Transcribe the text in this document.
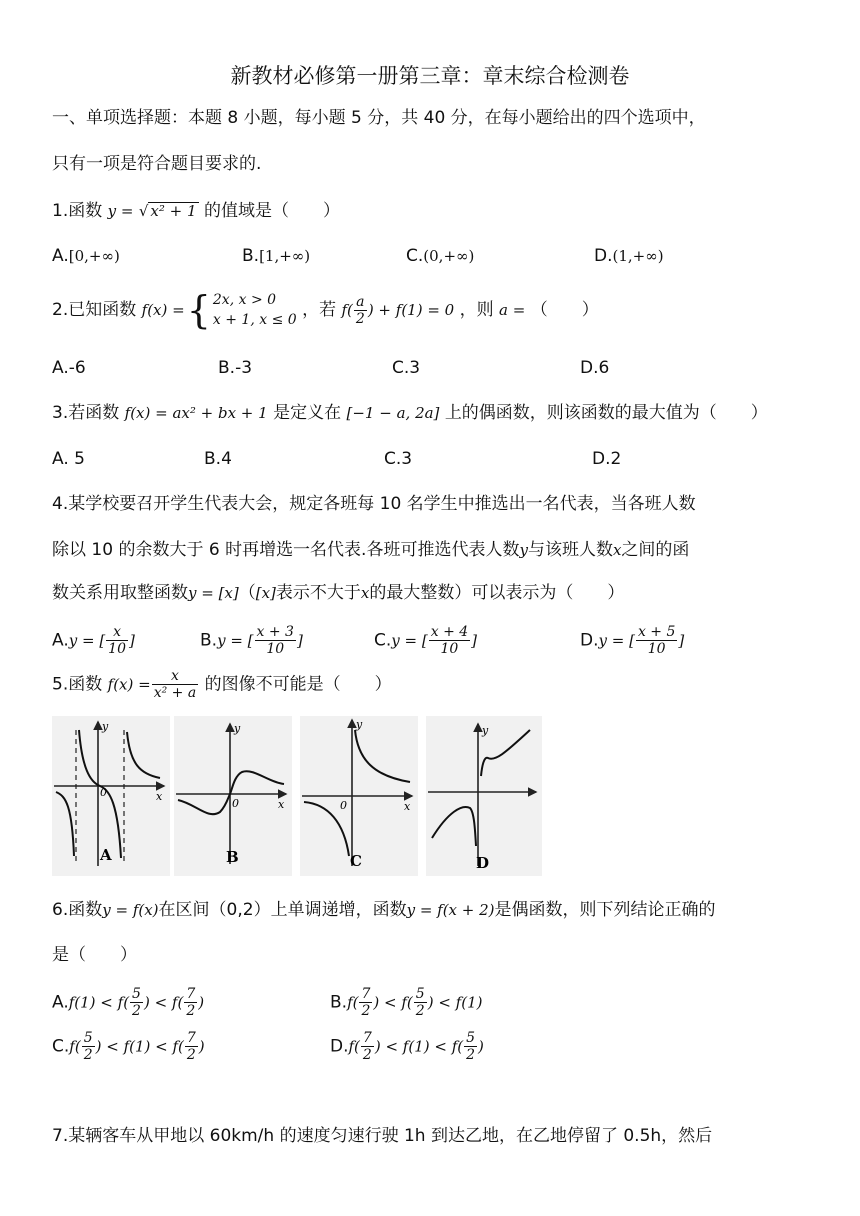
新教材必修第一册第三章：章末综合检测卷
一、单项选择题：本题 8 小题，每小题 5 分，共 40 分，在每小题给出的四个选项中，
只有一项是符合题目要求的.
1.函数 y = √ x² + 1 的值域是（　　）
A.[0,+∞)	B.[1,+∞)	C.(0,+∞)	D.(1,+∞)
2.已知函数 f(x) ={ 2x, x > 0
x + 1, x ≤ 0 ，若 $f( \frac{a}{2}$ ) + f(1) = 0 ，则 a = （　　）
A.-6	B.-3	C.3	D.6
3.若函数 f(x) = ax² + bx + 1 是定义在 [−1 − a, 2a] 上的偶函数，则该函数的最大值为（　　）
A. 5	B.4	C.3	D.2
4.某学校要召开学生代表大会，规定各班每 10 名学生中推选出一名代表，当各班人数
除以 10 的余数大于 6 时再增选一名代表.各班可推选代表人数y与该班人数x之间的函
数关系用取整函数y = [x]（[x]表示不大于x的最大整数）可以表示为（　　）
A.y = [ $\frac{x}{10}$ ]	B.y = [ $\frac{x + 3}{10}$ ]	C.y = [ $\frac{x + 4}{10}$ ]	D.y = [ $\frac{x + 5}{10}$ ]
5.函数 $f(x) = \frac{x}{\text{x² + a}}$ 的图像不可能是（　　）
0
y
x
A
0
y
x
B
0
y
x
C
y
D
6.函数y = f(x)在区间（0,2）上单调递增，函数y = f(x + 2)是偶函数，则下列结论正确的
是（　　）
$A.f(1) < f( \frac{5}{2}$ ) < $f( \frac{7}{2}$ )	$B.f( \frac{7}{2}$ ) < $f( \frac{5}{2}$ ) < f(1)
$C.f( \frac{5}{2}$ ) < $f(1) < f( \frac{7}{2}$ )	$D.f( \frac{7}{2}$ ) < $f(1) < f( \frac{5}{2}$ )
7.某辆客车从甲地以 60km/h 的速度匀速行驶 1h 到达乙地，在乙地停留了 0.5h，然后
